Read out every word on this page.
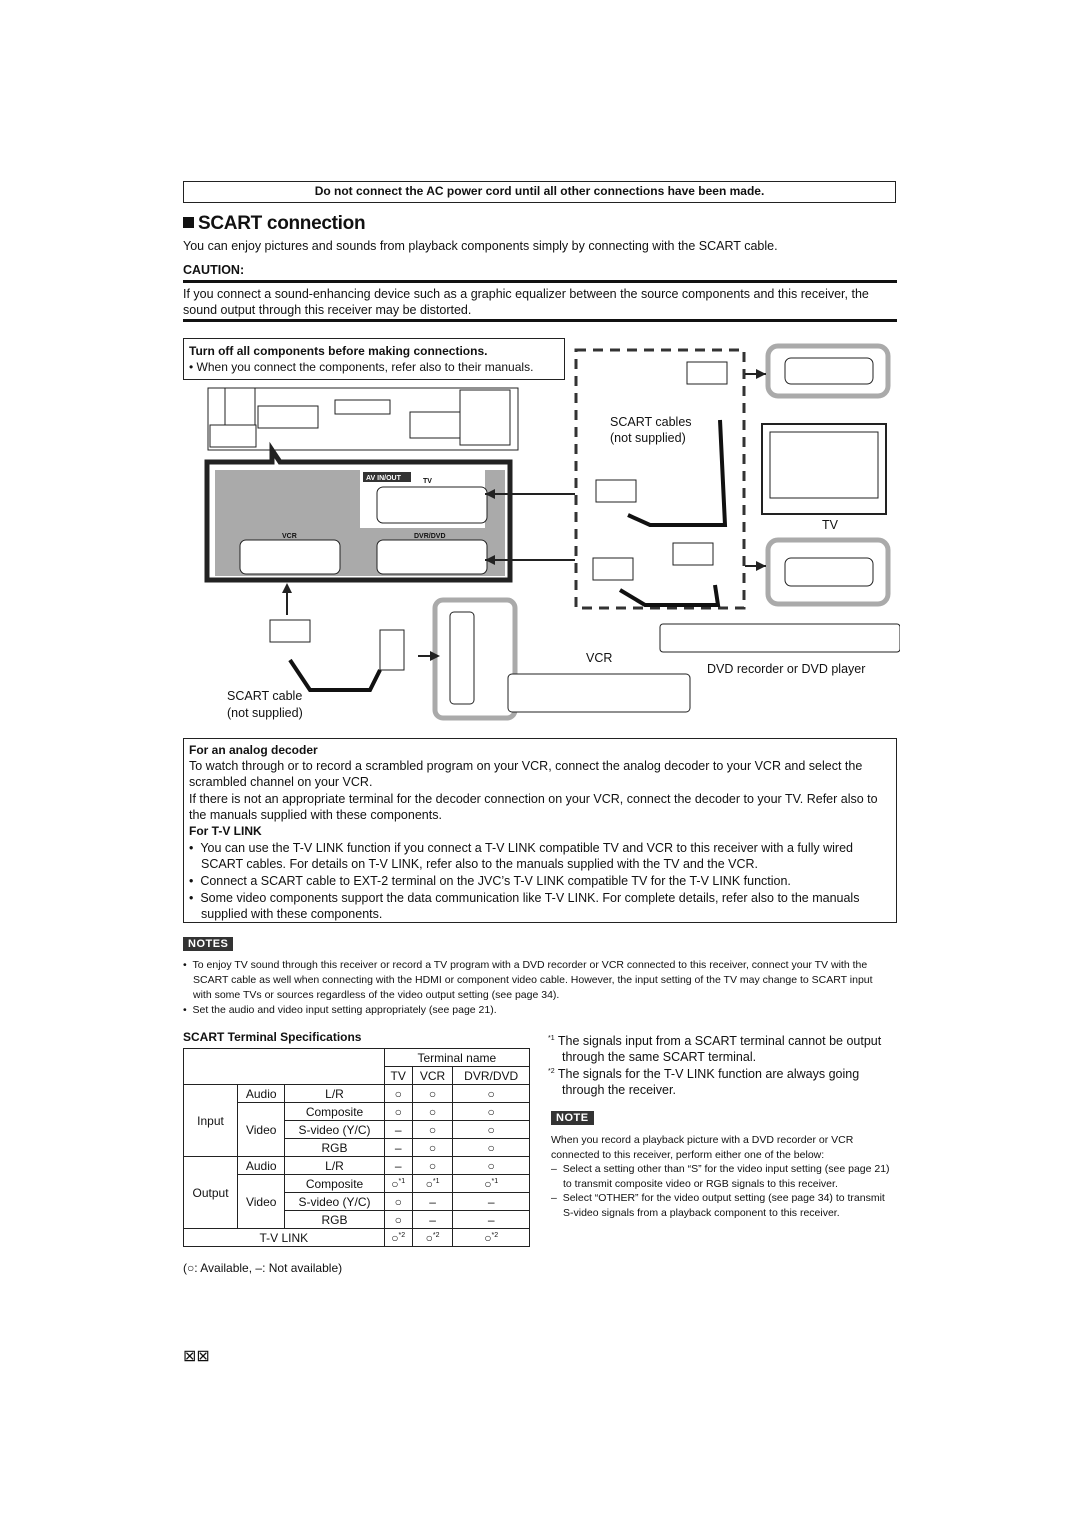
Do not connect the AC power cord until all other connections have been made.
SCART connection
You can enjoy pictures and sounds from playback components simply by connecting with the SCART cable.
CAUTION:
If you connect a sound-enhancing device such as a graphic equalizer between the source components and this receiver, the sound output through this receiver may be distorted.
Turn off all components before making connections.
• When you connect the components, refer also to their manuals.
AV IN/OUT
SCART cables
(not supplied)
TV
VCR
DVD recorder or DVD player
SCART cable
(not supplied)
TV
VCR	DVR/DVD
For an analog decoder
To watch through or to record a scrambled program on your VCR, connect the analog decoder to your VCR and select the scrambled channel on your VCR.
If there is not an appropriate terminal for the decoder connection on your VCR, connect the decoder to your TV. Refer also to the manuals supplied with these components.
For T-V LINK
•  You can use the T-V LINK function if you connect a T-V LINK compatible TV and VCR to this receiver with a fully wired SCART cables. For details on T-V LINK, refer also to the manuals supplied with the TV and the VCR.
•  Connect a SCART cable to EXT-2 terminal on the JVC’s T-V LINK compatible TV for the T-V LINK function.
•  Some video components support the data communication like T-V LINK. For complete details, refer also to the manuals supplied with these components.
NOTES
•  To enjoy TV sound through this receiver or record a TV program with a DVD recorder or VCR connected to this receiver, connect your TV with the SCART cable as well when connecting with the HDMI or component video cable. However, the input setting of the TV may change to SCART input with some TVs or sources regardless of the video output setting (see page 34).
•  Set the audio and video input setting appropriately (see page 21).
SCART Terminal Specifications
			Terminal name		
			TV	VCR	DVR/DVD
Input	Audio	L/R	○	○	○
	Video	Composite	○	○	○
		S-video (Y/C)	–	○	○
		RGB	–	○	○
Output	Audio	L/R	–	○	○
	Video	Composite	○$^{*1}$	○$^{*1}$	○$^{*1}$
		S-video (Y/C)	○	–	–
		RGB	○	–	–
T-V LINK			○$^{*2}$	○$^{*2}$	○$^{*2}$
(○: Available, –: Not available)
$^{*1}$ The signals input from a SCART terminal cannot be output through the same SCART terminal.
$^{*2}$ The signals for the T-V LINK function are always going through the receiver.
NOTE
When you record a playback picture with a DVD recorder or VCR connected to this receiver, perform either one of the below:
–  Select a setting other than “S” for the video input setting (see page 21) to transmit composite video or RGB signals to this receiver.
–  Select “OTHER” for the video output setting (see page 34) to transmit S-video signals from a playback component to this receiver.
⊠⊠
